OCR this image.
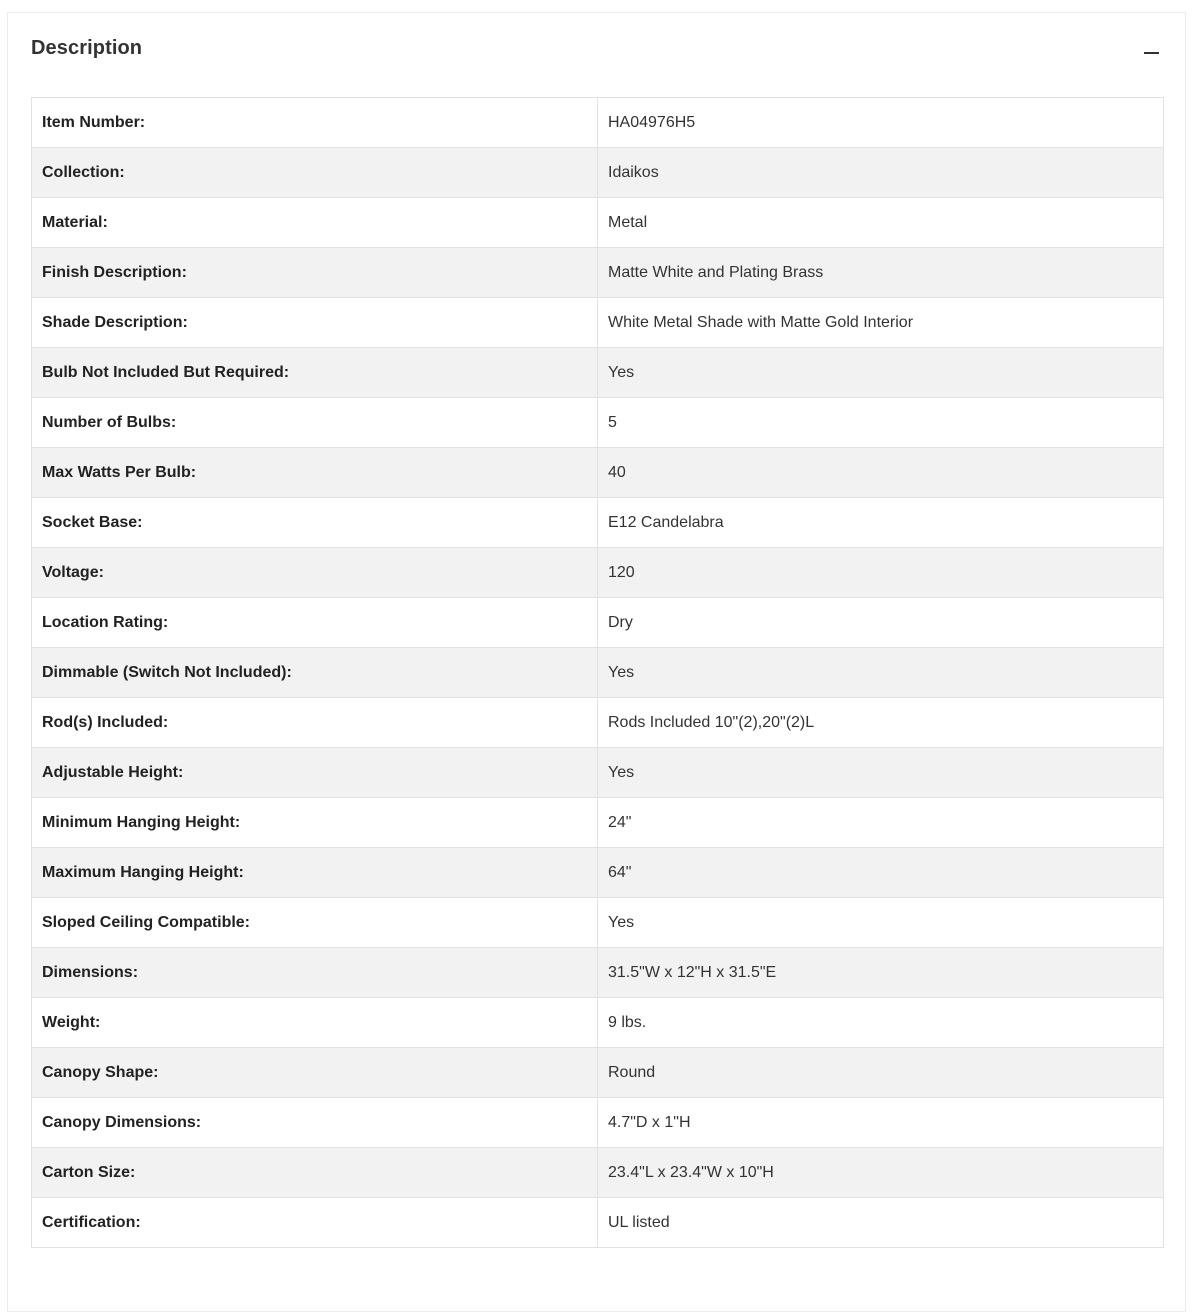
Description
Item Number:	HA04976H5
Collection:	Idaikos
Material:	Metal
Finish Description:	Matte White and Plating Brass
Shade Description:	White Metal Shade with Matte Gold Interior
Bulb Not Included But Required:	Yes
Number of Bulbs:	5
Max Watts Per Bulb:	40
Socket Base:	E12 Candelabra
Voltage:	120
Location Rating:	Dry
Dimmable (Switch Not Included):	Yes
Rod(s) Included:	Rods Included 10"(2),20"(2)L
Adjustable Height:	Yes
Minimum Hanging Height:	24"
Maximum Hanging Height:	64"
Sloped Ceiling Compatible:	Yes
Dimensions:	31.5"W x 12"H x 31.5"E
Weight:	9 lbs.
Canopy Shape:	Round
Canopy Dimensions:	4.7"D x 1"H
Carton Size:	23.4"L x 23.4"W x 10"H
Certification:	UL listed
